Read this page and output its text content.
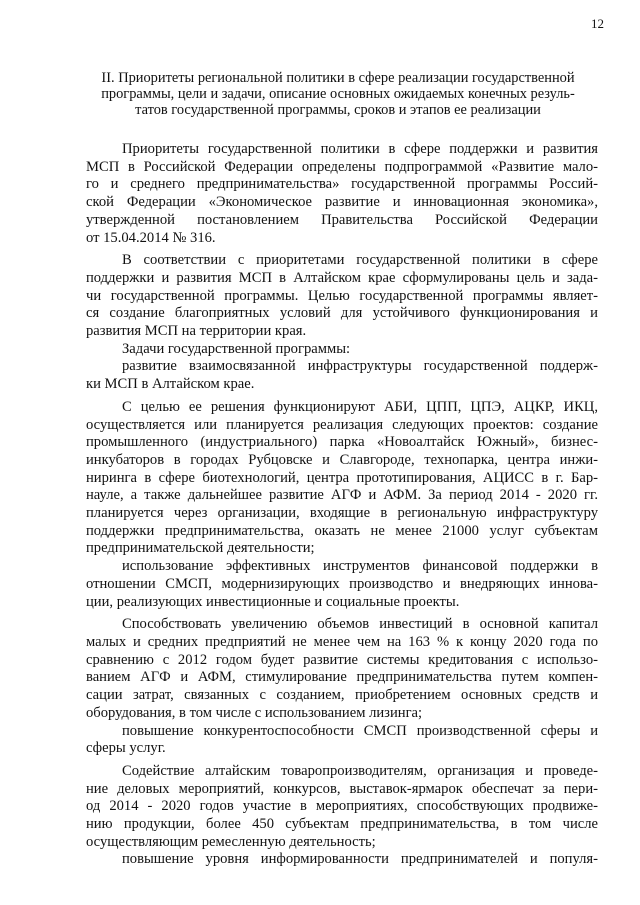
12
II. Приоритеты региональной политики в сфере реализации государственной
программы, цели и задачи, описание основных ожидаемых конечных резуль-
татов государственной программы, сроков и этапов ее реализации
Приоритеты государственной политики в сфере поддержки и развития
МСП в Российской Федерации определены подпрограммой «Развитие мало-
го и среднего предпринимательства» государственной программы Россий-
ской Федерации «Экономическое развитие и инновационная экономика»,
утвержденной постановлением Правительства Российской Федерации
от 15.04.2014 № 316.
В соответствии с приоритетами государственной политики в сфере
поддержки и развития МСП в Алтайском крае сформулированы цель и зада-
чи государственной программы. Целью государственной программы являет-
ся создание благоприятных условий для устойчивого функционирования и
развития МСП на территории края.
Задачи государственной программы:
развитие взаимосвязанной инфраструктуры государственной поддерж-
ки МСП в Алтайском крае.
С целью ее решения функционируют АБИ, ЦПП, ЦПЭ, АЦКР, ИКЦ,
осуществляется или планируется реализация следующих проектов: создание
промышленного (индустриального) парка «Новоалтайск Южный», бизнес-
инкубаторов в городах Рубцовске и Славгороде, технопарка, центра инжи-
ниринга в сфере биотехнологий, центра прототипирования, АЦИСС в г. Бар-
науле, а также дальнейшее развитие АГФ и АФМ. За период 2014 - 2020 гг.
планируется через организации, входящие в региональную инфраструктуру
поддержки предпринимательства, оказать не менее 21000 услуг субъектам
предпринимательской деятельности;
использование эффективных инструментов финансовой поддержки в
отношении СМСП, модернизирующих производство и внедряющих иннова-
ции, реализующих инвестиционные и социальные проекты.
Способствовать увеличению объемов инвестиций в основной капитал
малых и средних предприятий не менее чем на 163 % к концу 2020 года по
сравнению с 2012 годом будет развитие системы кредитования с использо-
ванием АГФ и АФМ, стимулирование предпринимательства путем компен-
сации затрат, связанных с созданием, приобретением основных средств и
оборудования, в том числе с использованием лизинга;
повышение конкурентоспособности СМСП производственной сферы и
сферы услуг.
Содействие алтайским товаропроизводителям, организация и проведе-
ние деловых мероприятий, конкурсов, выставок-ярмарок обеспечат за пери-
од 2014 - 2020 годов участие в мероприятиях, способствующих продвиже-
нию продукции, более 450 субъектам предпринимательства, в том числе
осуществляющим ремесленную деятельность;
повышение уровня информированности предпринимателей и популя-
